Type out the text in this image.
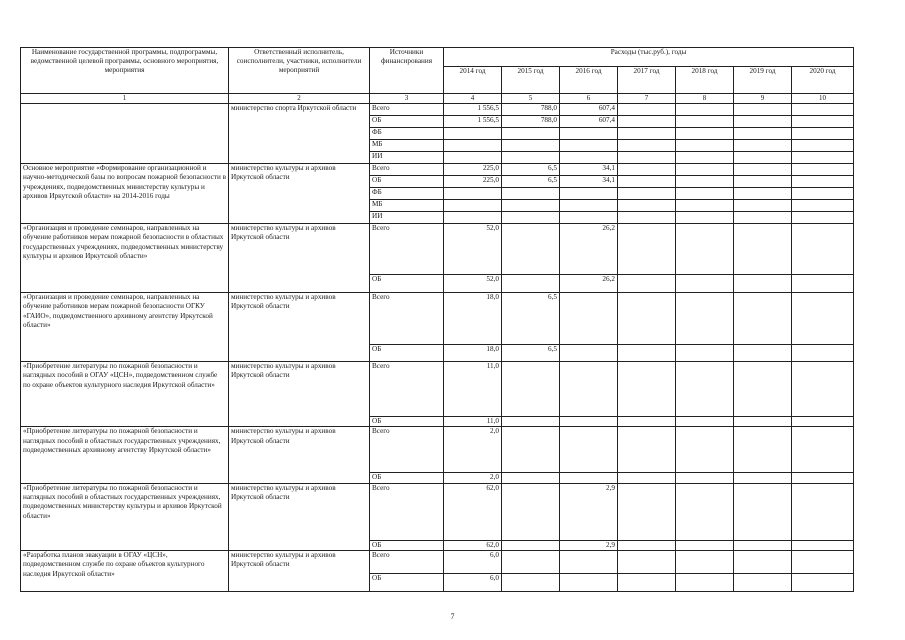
Наименование государственной программы, подпрограммы, ведомственной целевой программы, основного мероприятия, мероприятия	Ответственный исполнитель, соисполнители, участники, исполнители мероприятий	Источники финансирования	Расходы (тыс.руб.), годы						
			2014 год	2015 год	2016 год	2017 год	2018 год	2019 год	2020 год
1	2	3	4	5	6	7	8	9	10
	министерство спорта Иркутской области	Всего	1 556,5	788,0	607,4				
		ОБ	1 556,5	788,0	607,4				
		ФБ							
		МБ							
		ИИ							
Основное мероприятие «Формирование организационной и научно-методической базы по вопросам пожарной безопасности в учреждениях, подведомственных министерству культуры и архивов Иркутской области» на 2014-2016 годы	министерство культуры и архивов Иркутской области	Всего	225,0	6,5	34,1				
		ОБ	225,0	6,5	34,1				
		ФБ							
		МБ							
		ИИ							
«Организация и проведение семинаров, направленных на обучение работников мерам пожарной безопасности в областных государственных учреждениях, подведомственных министерству культуры и архивов Иркутской области»	министерство культуры и архивов Иркутской области	Всего	52,0		26,2				
		ОБ	52,0		26,2				
«Организация и проведение семинаров, направленных на обучение работников мерам пожарной безопасности ОГКУ «ГАИО», подведомственного архивному агентству Иркутской области»	министерство культуры и архивов Иркутской области	Всего	18,0	6,5					
		ОБ	18,0	6,5					
«Приобретение литературы по пожарной безопасности и наглядных пособий в ОГАУ «ЦСН», подведомственном службе по охране объектов культурного наследия Иркутской области»	министерство культуры и архивов Иркутской области	Всего	11,0						
		ОБ	11,0						
«Приобретение литературы по пожарной безопасности и наглядных пособий в областных государственных учреждениях, подведомственных архивному агентству Иркутской области»	министерство культуры и архивов Иркутской области	Всего	2,0						
		ОБ	2,0						
«Приобретение литературы по пожарной безопасности и наглядных пособий в областных государственных учреждениях, подведомственных министерству культуры и архивов Иркутской области»	министерство культуры и архивов Иркутской области	Всего	62,0		2,9				
		ОБ	62,0		2,9				
«Разработка планов эвакуации в ОГАУ «ЦСН», подведомственном службе по охране объектов культурного наследия Иркутской области»	министерство культуры и архивов Иркутской области	Всего	6,0						
		ОБ	6,0						
7
